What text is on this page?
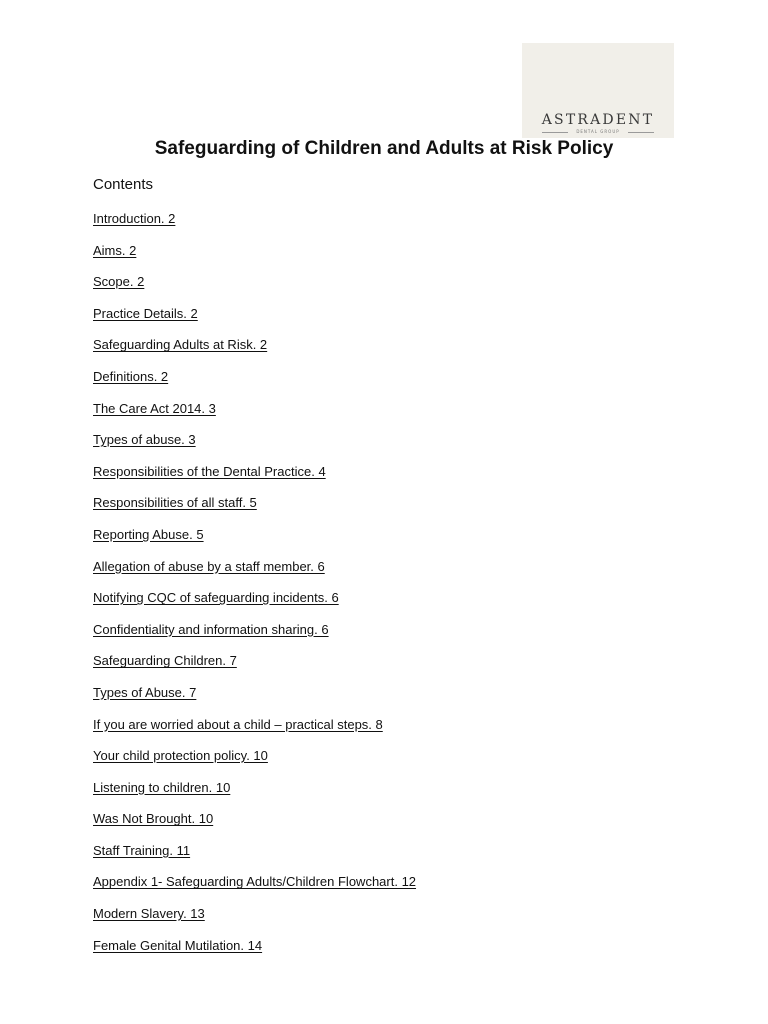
ASTRADENT
DENTAL GROUP
Safeguarding of Children and Adults at Risk Policy

Contents

Introduction. 2
Aims. 2
Scope. 2
Practice Details. 2
Safeguarding Adults at Risk. 2
Definitions. 2
The Care Act 2014. 3
Types of abuse. 3
Responsibilities of the Dental Practice. 4
Responsibilities of all staff. 5
Reporting Abuse. 5
Allegation of abuse by a staff member. 6
Notifying CQC of safeguarding incidents. 6
Confidentiality and information sharing. 6
Safeguarding Children. 7
Types of Abuse. 7
If you are worried about a child – practical steps. 8
Your child protection policy. 10
Listening to children. 10
Was Not Brought. 10
Staff Training. 11
Appendix 1- Safeguarding Adults/Children Flowchart. 12
Modern Slavery. 13
Female Genital Mutilation. 14
